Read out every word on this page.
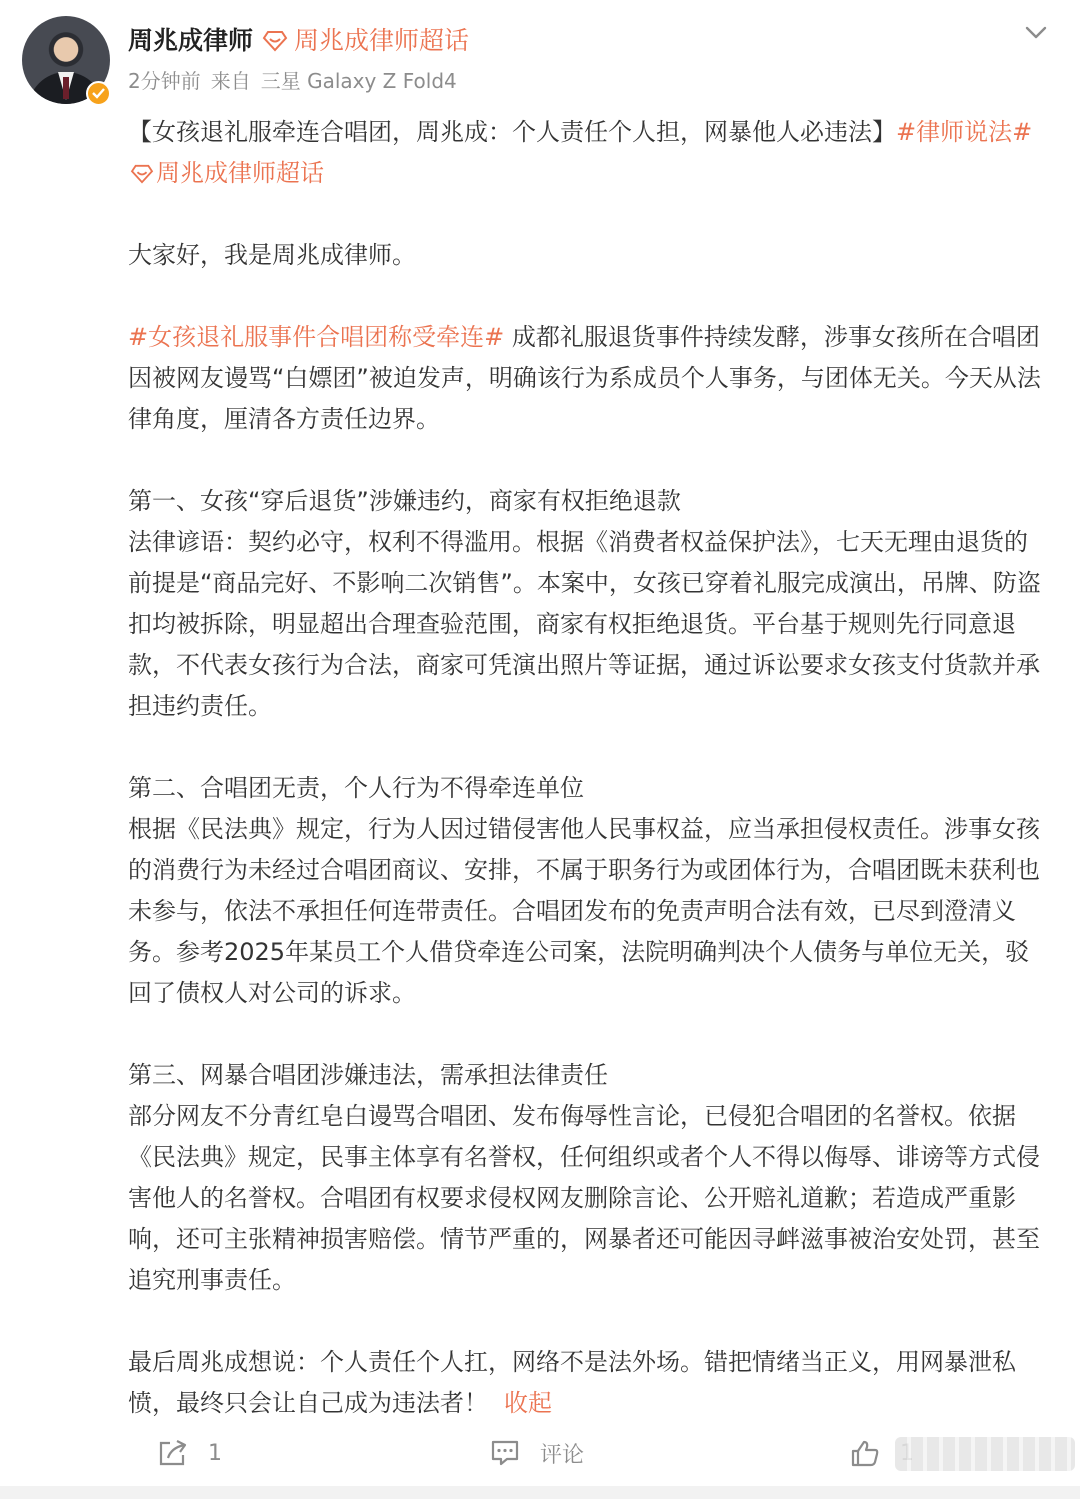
周兆成律师 周兆成律师超话
2分钟前 来自 三星 Galaxy Z Fold4

【女孩退礼服牵连合唱团，周兆成：个人责任个人担，网暴他人必违法】#律师说法#周兆成律师超话

大家好，我是周兆成律师。

#女孩退礼服事件合唱团称受牵连# 成都礼服退货事件持续发酵，涉事女孩所在合唱团因被网友谩骂“白嫖团”被迫发声，明确该行为系成员个人事务，与团体无关。今天从法律角度，厘清各方责任边界。

第一、女孩“穿后退货”涉嫌违约，商家有权拒绝退款

法律谚语：契约必守，权利不得滥用。根据《消费者权益保护法》，七天无理由退货的前提是“商品完好、不影响二次销售”。本案中，女孩已穿着礼服完成演出，吊牌、防盗扣均被拆除，明显超出合理查验范围，商家有权拒绝退货。平台基于规则先行同意退款，不代表女孩行为合法，商家可凭演出照片等证据，通过诉讼要求女孩支付货款并承担违约责任。

第二、合唱团无责，个人行为不得牵连单位

根据《民法典》规定，行为人因过错侵害他人民事权益，应当承担侵权责任。涉事女孩的消费行为未经过合唱团商议、安排，不属于职务行为或团体行为，合唱团既未获利也未参与，依法不承担任何连带责任。合唱团发布的免责声明合法有效，已尽到澄清义务。参考2025年某员工个人借贷牵连公司案，法院明确判决个人债务与单位无关，驳回了债权人对公司的诉求。

第三、网暴合唱团涉嫌违法，需承担法律责任

部分网友不分青红皂白谩骂合唱团、发布侮辱性言论，已侵犯合唱团的名誉权。依据《民法典》规定，民事主体享有名誉权，任何组织或者个人不得以侮辱、诽谤等方式侵害他人的名誉权。合唱团有权要求侵权网友删除言论、公开赔礼道歉；若造成严重影响，还可主张精神损害赔偿。情节严重的，网暴者还可能因寻衅滋事被治安处罚，甚至追究刑事责任。

最后周兆成想说：个人责任个人扛，网络不是法外场。错把情绪当正义，用网暴泄私愤，最终只会让自己成为违法者！ 收起

1	评论
